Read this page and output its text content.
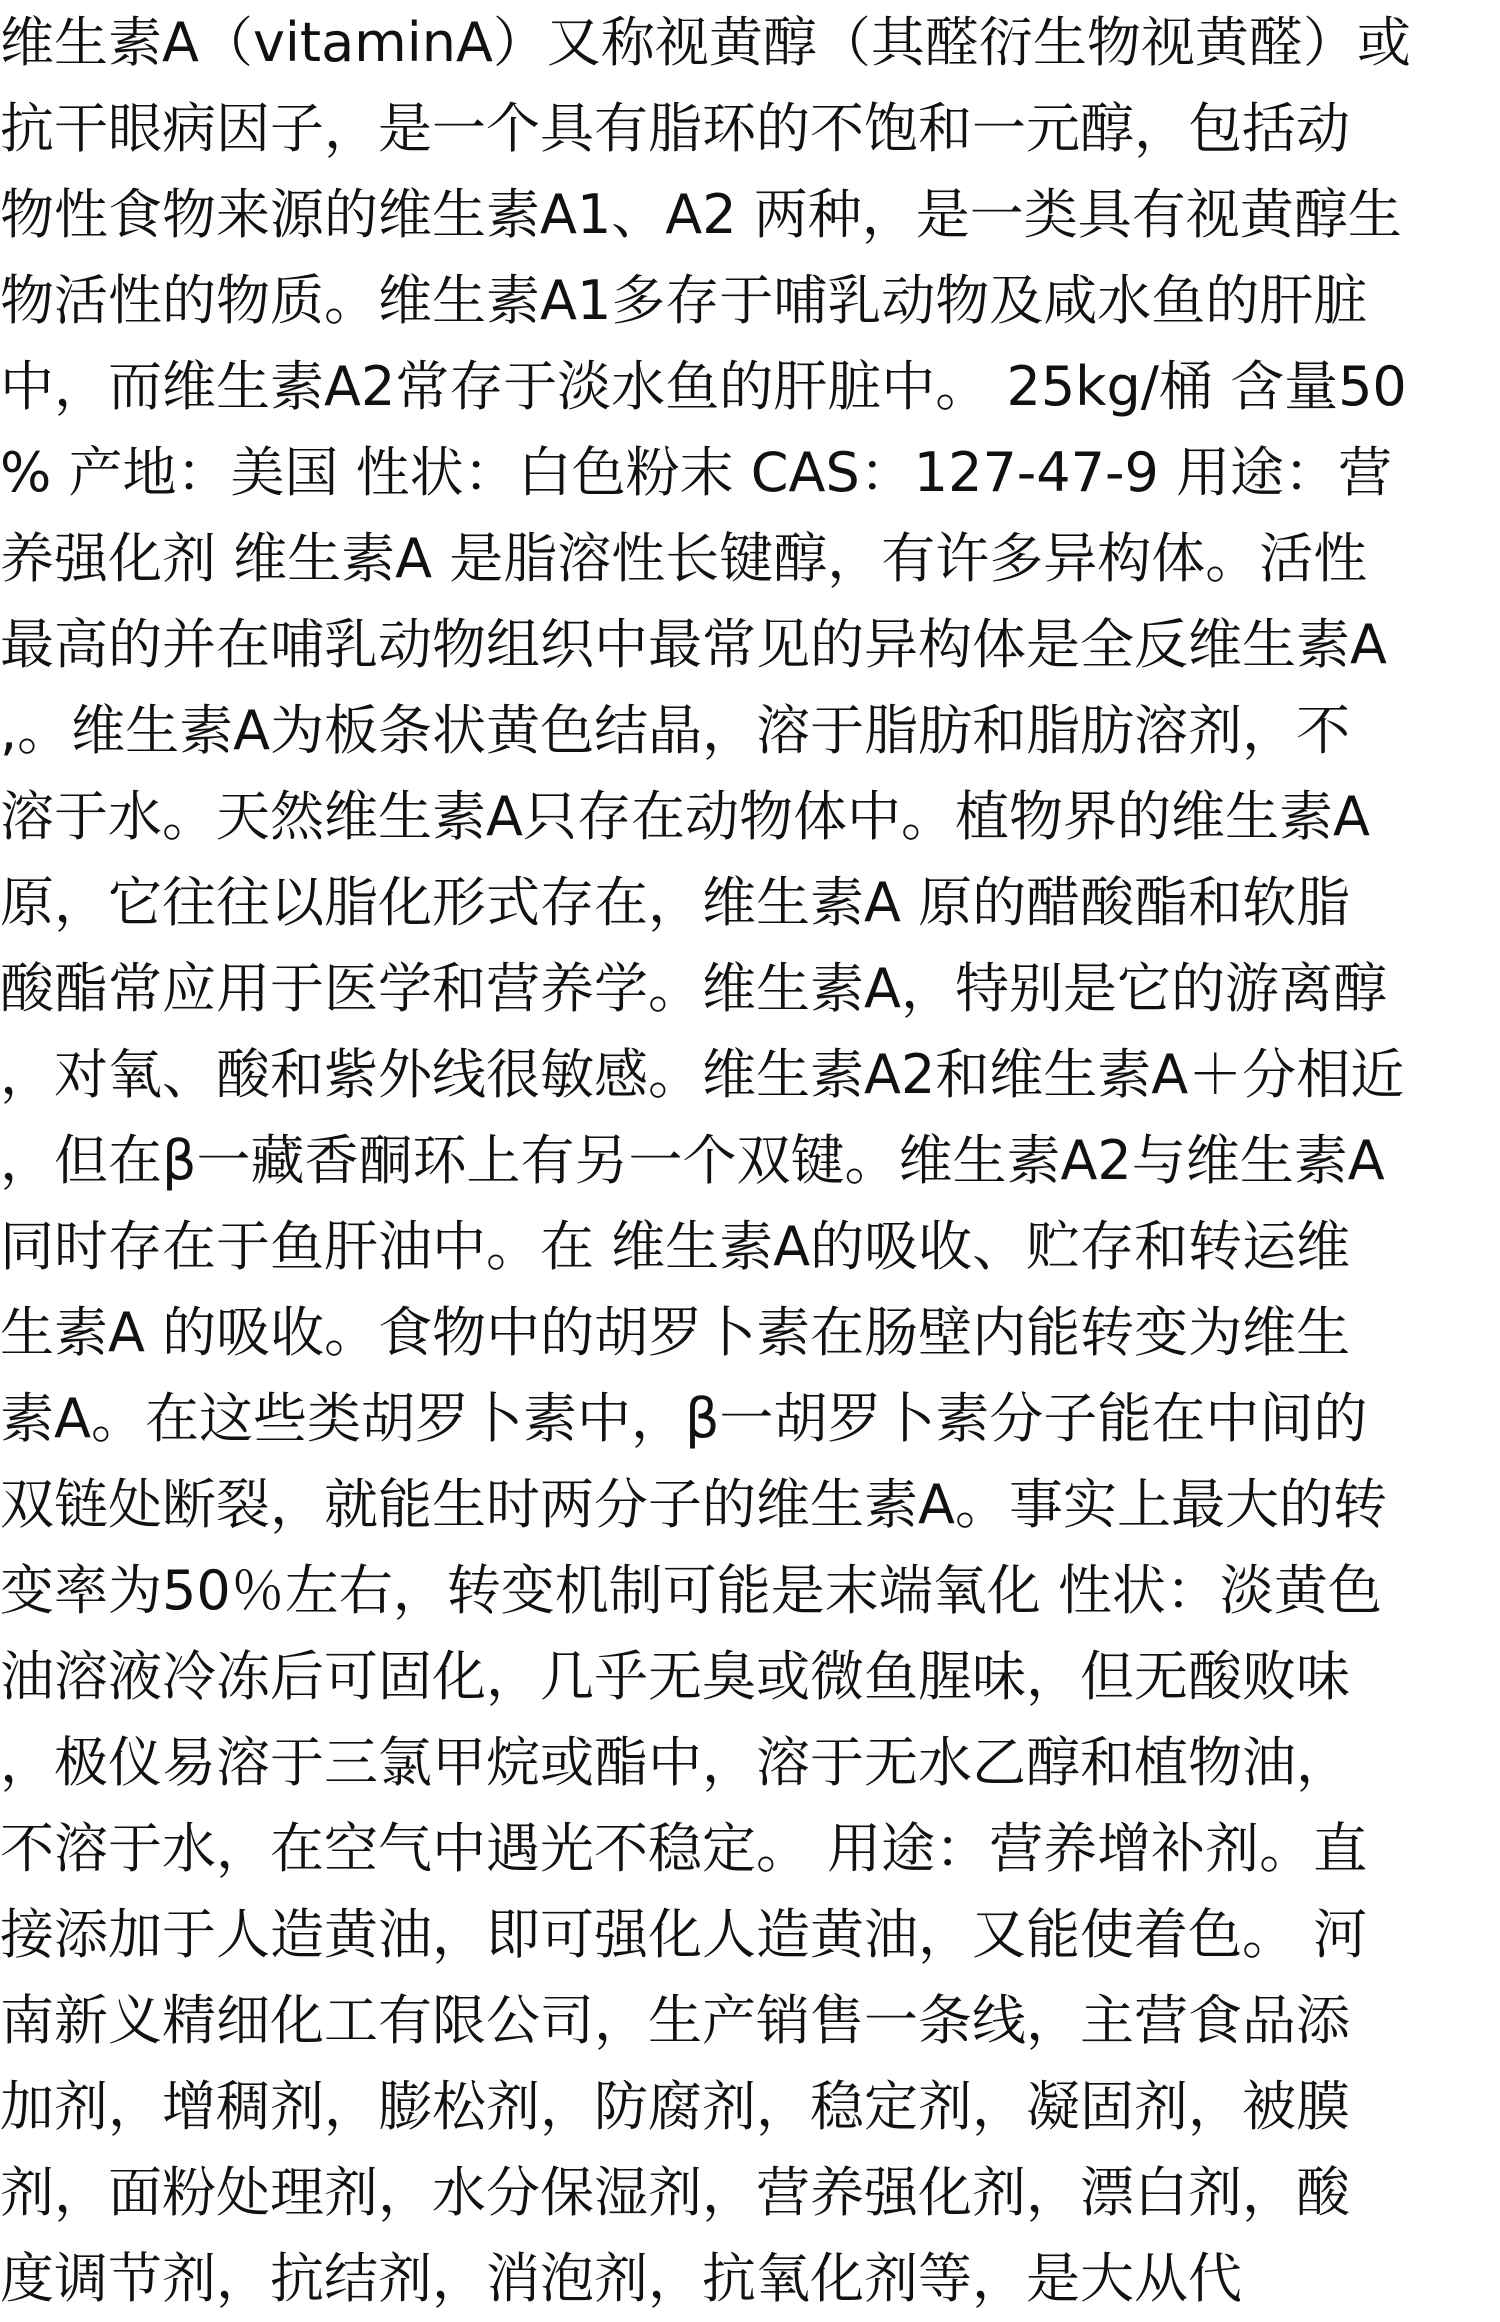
维生素A（vitaminA）又称视黄醇（其醛衍生物视黄醛）或
抗干眼病因子，是一个具有脂环的不饱和一元醇，包括动
物性食物来源的维生素A1、A2 两种，是一类具有视黄醇生
物活性的物质。维生素A1多存于哺乳动物及咸水鱼的肝脏
中，而维生素A2常存于淡水鱼的肝脏中。 25kg/桶 含量50
% 产地：美国 性状：白色粉末 CAS：127-47-9 用途：营
养强化剂 维生素A 是脂溶性长键醇，有许多异构体。活性
最高的并在哺乳动物组织中最常见的异构体是全反维生素A
,。维生素A为板条状黄色结晶，溶于脂肪和脂肪溶剂，不
溶于水。天然维生素A只存在动物体中。植物界的维生素A
原，它往往以脂化形式存在，维生素A 原的醋酸酯和软脂
酸酯常应用于医学和营养学。维生素A，特别是它的游离醇
，对氧、酸和紫外线很敏感。维生素A2和维生素A＋分相近
，但在β一藏香酮环上有另一个双键。维生素A2与维生素A
同时存在于鱼肝油中。在 维生素A的吸收、贮存和转运维
生素A 的吸收。食物中的胡罗卜素在肠壁内能转变为维生
素A。在这些类胡罗卜素中，β一胡罗卜素分子能在中间的
双链处断裂，就能生时两分子的维生素A。事实上最大的转
变率为50％左右，转变机制可能是末端氧化 性状：淡黄色
油溶液冷冻后可固化，几乎无臭或微鱼腥味，但无酸败味
，极仪易溶于三氯甲烷或酯中，溶于无水乙醇和植物油，
不溶于水，在空气中遇光不稳定。 用途：营养增补剂。直
接添加于人造黄油，即可强化人造黄油，又能使着色。 河
南新义精细化工有限公司，生产销售一条线，主营食品添
加剂，增稠剂，膨松剂，防腐剂，稳定剂，凝固剂，被膜
剂，面粉处理剂，水分保湿剂，营养强化剂，漂白剂，酸
度调节剂，抗结剂，消泡剂，抗氧化剂等，是大从代
